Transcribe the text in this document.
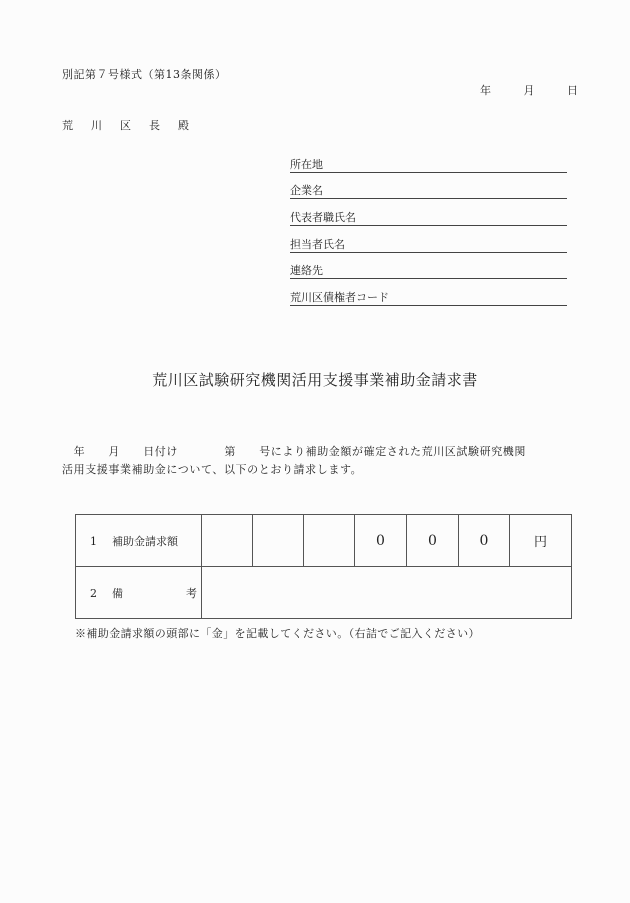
別記第７号様式（第13条関係）
年	月	日
荒 川 区 長 殿
所在地
企業名
代表者職氏名
担当者氏名
連絡先
荒川区債権者コード
荒川区試験研究機関活用支援事業補助金請求書
　年　　月　　日付け　　　　第　　号により補助金額が確定された荒川区試験研究機関
活用支援事業補助金について、以下のとおり請求します。
1 補助金請求額				0	0	0	円
2 備 考							
※補助金請求額の頭部に「金」を記載してください。（右詰でご記入ください）
